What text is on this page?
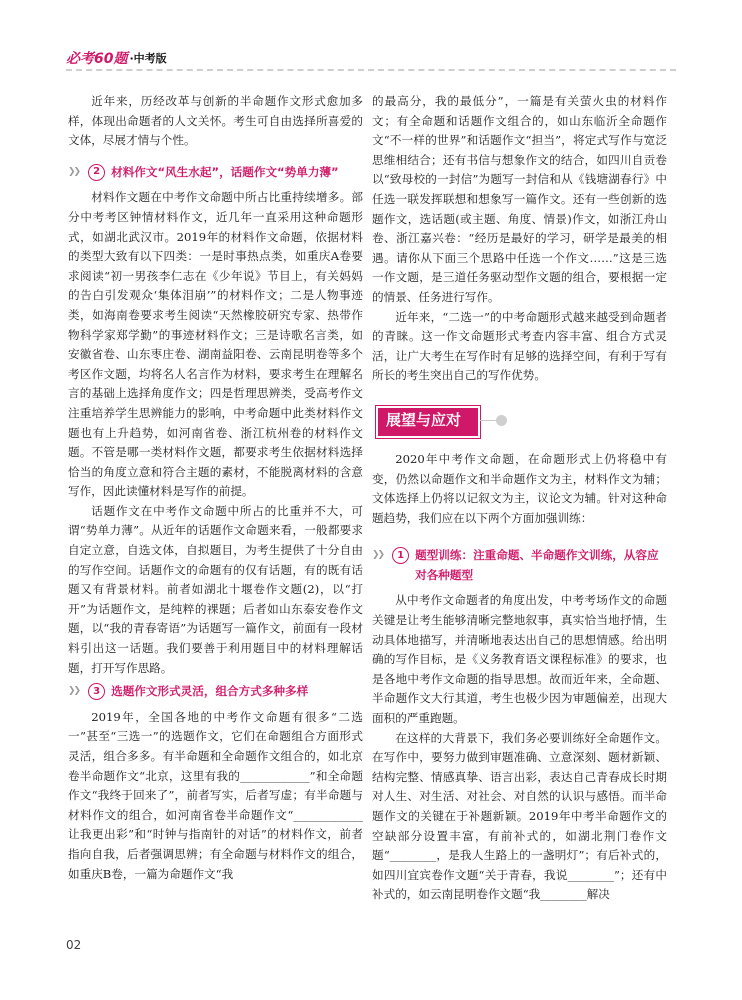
必考60题 ·中考版

近年来，历经改革与创新的半命题作文形式愈加多样，体现出命题者的人文关怀。考生可自由选择所喜爱的文体，尽展才情与个性。

❯❯	2 材料作文“风生水起”，话题作文“势单力薄”

材料作文题在中考作文命题中所占比重持续增多。部分中考考区钟情材料作文，近几年一直采用这种命题形式，如湖北武汉市。2019年的材料作文命题，依据材料的类型大致有以下四类：一是时事热点类，如重庆A卷要求阅读“初一男孩李仁志在《少年说》节目上，有关妈妈的告白引发观众‘集体泪崩’”的材料作文；二是人物事迹类，如海南卷要求考生阅读“天然橡胶研究专家、热带作物科学家郑学勤”的事迹材料作文；三是诗歌名言类，如安徽省卷、山东枣庄卷、湖南益阳卷、云南昆明卷等多个考区作文题，均将名人名言作为材料，要求考生在理解名言的基础上选择角度作文；四是哲理思辨类，受高考作文注重培养学生思辨能力的影响，中考命题中此类材料作文题也有上升趋势，如河南省卷、浙江杭州卷的材料作文题。不管是哪一类材料作文题，都要求考生依据材料选择恰当的角度立意和符合主题的素材，不能脱离材料的含意写作，因此读懂材料是写作的前提。

话题作文在中考作文命题中所占的比重并不大，可谓“势单力薄”。从近年的话题作文命题来看，一般都要求自定立意，自选文体，自拟题目，为考生提供了十分自由的写作空间。话题作文的命题有的仅有话题，有的既有话题又有背景材料。前者如湖北十堰卷作文题(2)，以“打开”为话题作文，是纯粹的裸题；后者如山东泰安卷作文题，以“我的青春寄语”为话题写一篇作文，前面有一段材料引出这一话题。我们要善于利用题目中的材料理解话题，打开写作思路。

❯❯	3 选题作文形式灵活，组合方式多种多样

2019年，全国各地的中考作文命题有很多“二选一”甚至“三选一”的选题作文，它们在命题组合方面形式灵活，组合多多。有半命题和全命题作文组合的，如北京卷半命题作文“北京，这里有我的____________”和全命题作文“我终于回来了”，前者写实，后者写虚；有半命题与材料作文的组合，如河南省卷半命题作文“____________让我更出彩”和“时钟与指南针的对话”的材料作文，前者指向自我，后者强调思辨；有全命题与材料作文的组合，如重庆B卷，一篇为命题作文“我

的最高分，我的最低分”，一篇是有关萤火虫的材料作文；有全命题和话题作文组合的，如山东临沂全命题作文“不一样的世界”和话题作文“担当”，将定式写作与宽泛思维相结合；还有书信与想象作文的结合，如四川自贡卷以“致母校的一封信”为题写一封信和从《钱塘湖春行》中任选一联发挥联想和想象写一篇作文。还有一些创新的选题作文，选话题(或主题、角度、情景)作文，如浙江舟山卷、浙江嘉兴卷：“经历是最好的学习，研学是最美的相遇。请你从下面三个思路中任选一个作文……”这是三选一作文题，是三道任务驱动型作文题的组合，要根据一定的情景、任务进行写作。

近年来，“二选一”的中考命题形式越来越受到命题者的青睐。这一作文命题形式考查内容丰富、组合方式灵活，让广大考生在写作时有足够的选择空间，有利于写有所长的考生突出自己的写作优势。

展望与应对

2020年中考作文命题，在命题形式上仍将稳中有变，仍然以命题作文和半命题作文为主，材料作文为辅；文体选择上仍将以记叙文为主，议论文为辅。针对这种命题趋势，我们应在以下两个方面加强训练：

❯❯	1 题型训练：注重命题、半命题作文训练，从容应对各种题型

从中考作文命题者的角度出发，中考考场作文的命题关键是让考生能够清晰完整地叙事，真实恰当地抒情，生动具体地描写，并清晰地表达出自己的思想情感。给出明确的写作目标，是《义务教育语文课程标准》的要求，也是各地中考作文命题的指导思想。故而近年来，全命题、半命题作文大行其道，考生也极少因为审题偏差，出现大面积的严重跑题。

在这样的大背景下，我们务必要训练好全命题作文。在写作中，要努力做到审题准确、立意深刻、题材新颖、结构完整、情感真挚、语言出彩，表达自己青春成长时期对人生、对生活、对社会、对自然的认识与感悟。而半命题作文的关键在于补题新颖。2019年中考半命题作文的空缺部分设置丰富，有前补式的，如湖北荆门卷作文题“________，是我人生路上的一盏明灯”；有后补式的，如四川宜宾卷作文题“关于青春，我说________”；还有中补式的，如云南昆明卷作文题“我________解决

02
